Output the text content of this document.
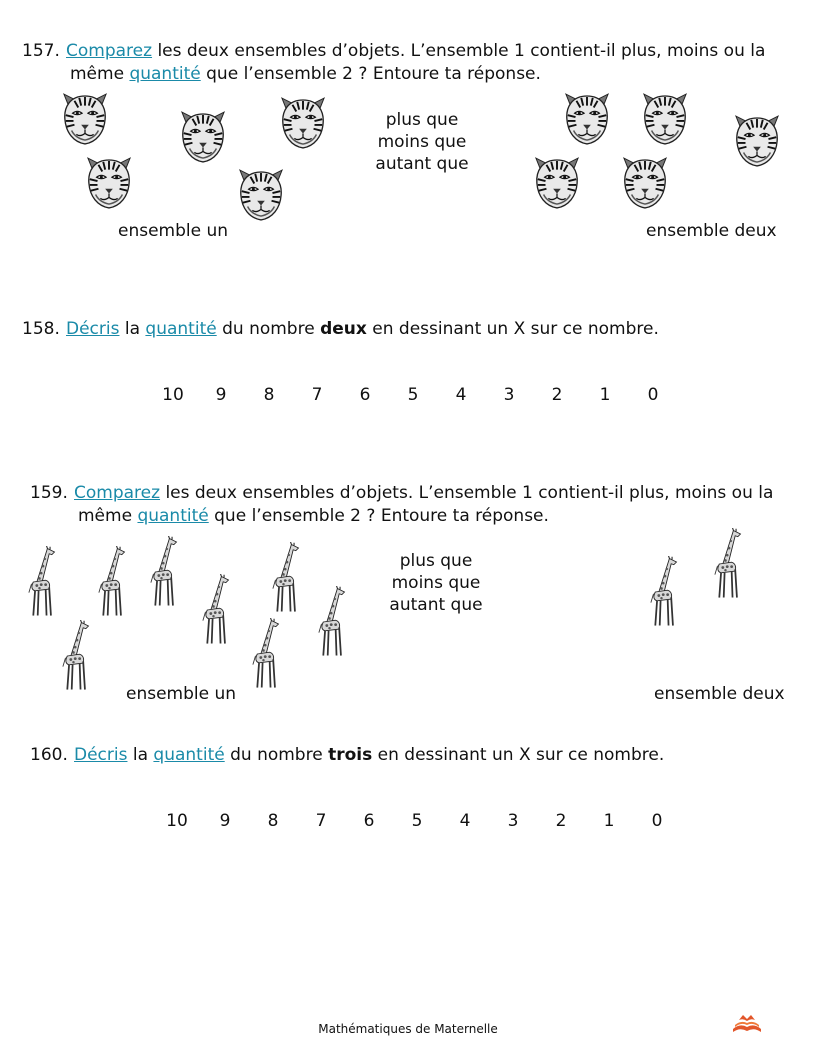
157. Comparez les deux ensembles d’objets. L’ensemble 1 contient-il plus, moins ou la
même quantité que l’ensemble 2 ? Entoure ta réponse.
plus que
moins que
autant que
ensemble un	ensemble deux
158. Décris la quantité du nombre deux en dessinant un X sur ce nombre.
10	9	8	7	6	5	4	3	2	1	0
159. Comparez les deux ensembles d’objets. L’ensemble 1 contient-il plus, moins ou la
même quantité que l’ensemble 2 ? Entoure ta réponse.
plus que
moins que
autant que
ensemble un	ensemble deux
160. Décris la quantité du nombre trois en dessinant un X sur ce nombre.
10	9	8	7	6	5	4	3	2	1	0
Mathématiques de Maternelle
